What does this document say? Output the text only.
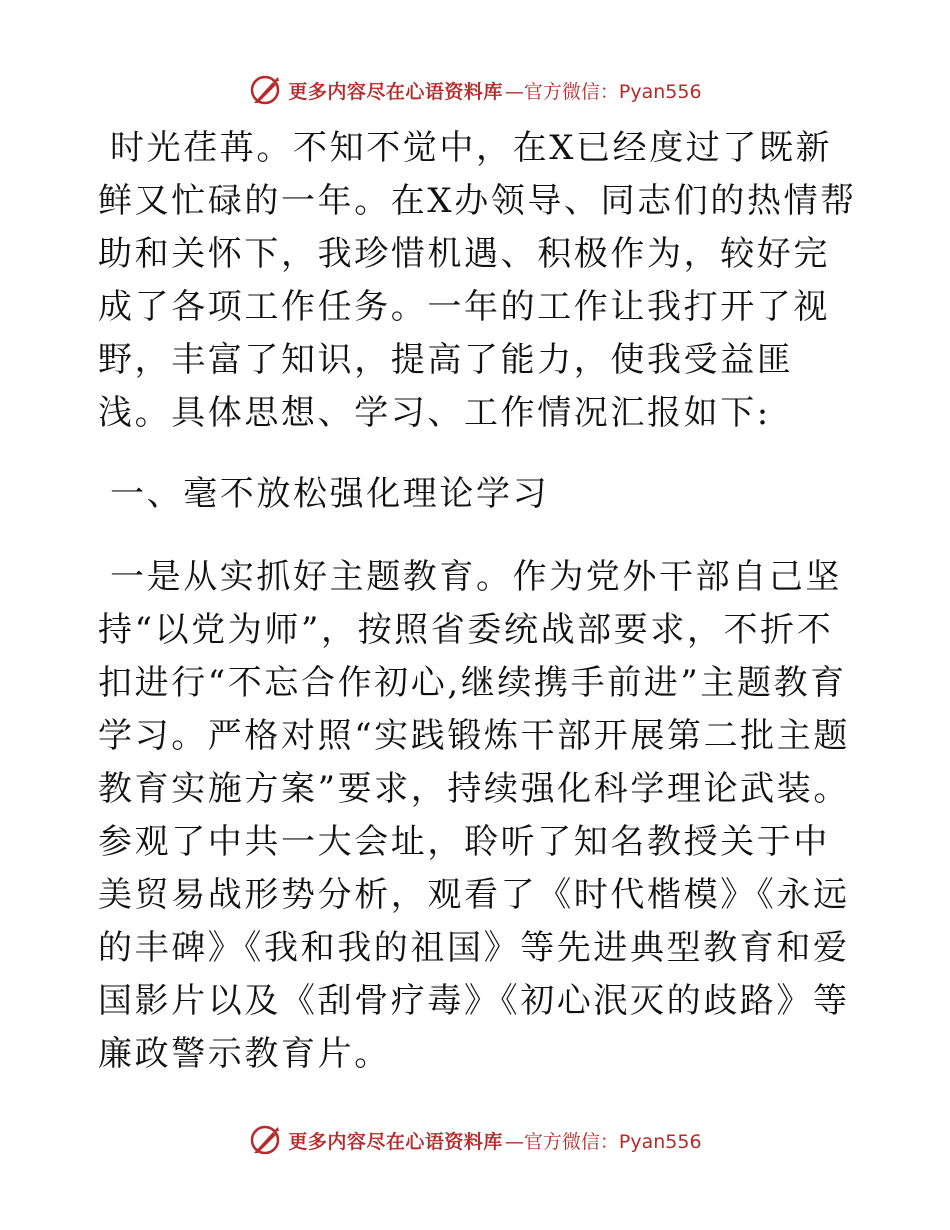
更多内容尽在心语资料库 —官方微信：Pyan556

时光荏苒。不知不觉中，在X已经度过了既新鲜又忙碌的一年。在X办领导、同志们的热情帮助和关怀下，我珍惜机遇、积极作为，较好完成了各项工作任务。一年的工作让我打开了视野，丰富了知识，提高了能力，使我受益匪浅。具体思想、学习、工作情况汇报如下:

一、毫不放松强化理论学习

一是从实抓好主题教育。作为党外干部自己坚持“以党为师”，按照省委统战部要求，不折不扣进行“不忘合作初心,继续携手前进”主题教育学习。严格对照“实践锻炼干部开展第二批主题教育实施方案”要求，持续强化科学理论武装。参观了中共一大会址，聆听了知名教授关于中美贸易战形势分析，观看了《时代楷模》《永远的丰碑》《我和我的祖国》等先进典型教育和爱国影片以及《刮骨疗毒》《初心泯灭的歧路》等廉政警示教育片。

更多内容尽在心语资料库 —官方微信：Pyan556
